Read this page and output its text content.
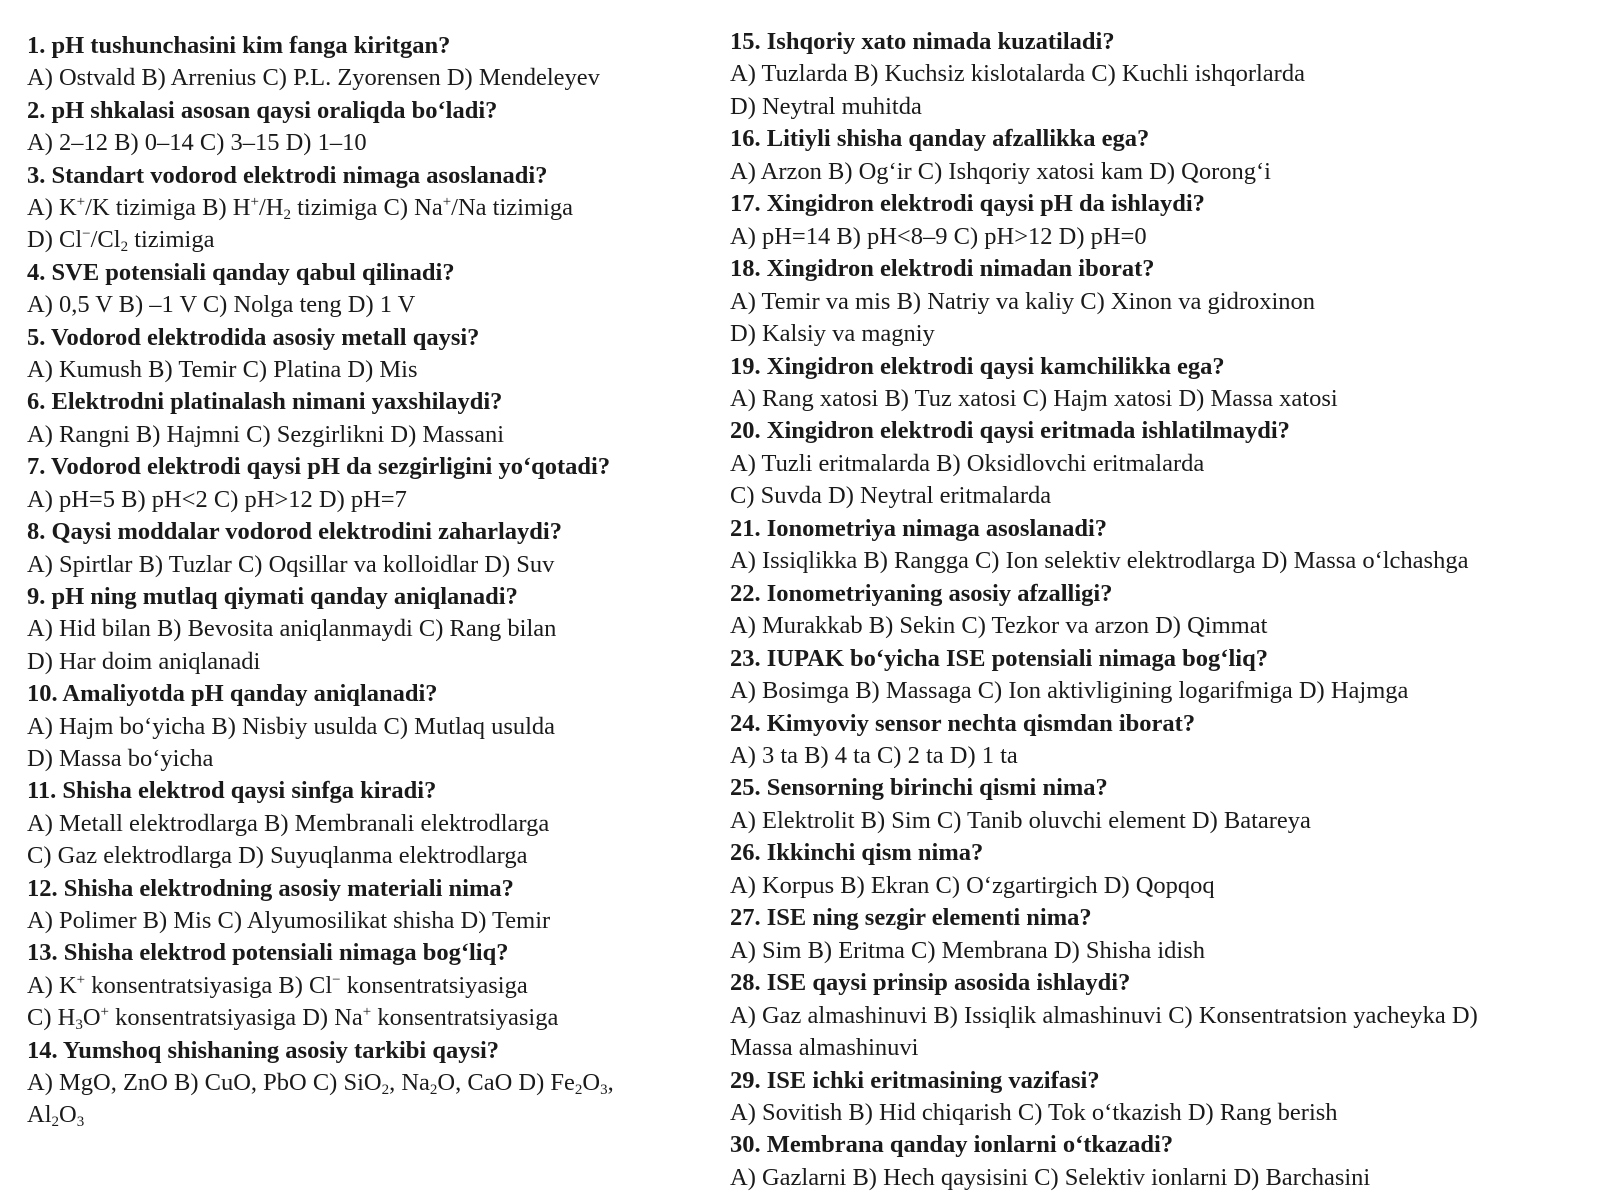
1. pH tushunchasini kim fanga kiritgan?
A) Ostvald B) Arrenius C) P.L. Zyorensen D) Mendeleyev
2. pH shkalasi asosan qaysi oraliqda bo‘ladi?
A) 2–12 B) 0–14 C) 3–15 D) 1–10
3. Standart vodorod elektrodi nimaga asoslanadi?
A) K+/K tizimiga B) $H^+/H_2$ tizimiga C) Na+/Na tizimiga
D) $Cl^-/Cl_2$ tizimiga
4. SVE potensiali qanday qabul qilinadi?
A) 0,5 V B) –1 V C) Nolga teng D) 1 V
5. Vodorod elektrodida asosiy metall qaysi?
A) Kumush B) Temir C) Platina D) Mis
6. Elektrodni platinalash nimani yaxshilaydi?
A) Rangni B) Hajmni C) Sezgirlikni D) Massani
7. Vodorod elektrodi qaysi pH da sezgirligini yo‘qotadi?
A) pH=5 B) pH<2 C) pH>12 D) pH=7
8. Qaysi moddalar vodorod elektrodini zaharlaydi?
A) Spirtlar B) Tuzlar C) Oqsillar va kolloidlar D) Suv
9. pH ning mutlaq qiymati qanday aniqlanadi?
A) Hid bilan B) Bevosita aniqlanmaydi C) Rang bilan
D) Har doim aniqlanadi
10. Amaliyotda pH qanday aniqlanadi?
A) Hajm bo‘yicha B) Nisbiy usulda C) Mutlaq usulda
D) Massa bo‘yicha
11. Shisha elektrod qaysi sinfga kiradi?
A) Metall elektrodlarga B) Membranali elektrodlarga
C) Gaz elektrodlarga D) Suyuqlanma elektrodlarga
12. Shisha elektrodning asosiy materiali nima?
A) Polimer B) Mis C) Alyumosilikat shisha D) Temir
13. Shisha elektrod potensiali nimaga bog‘liq?
A) K+ konsentratsiyasiga B) Cl− konsentratsiyasiga
C) $H_3O^+$ konsentratsiyasiga D) Na+ konsentratsiyasiga
14. Yumshoq shishaning asosiy tarkibi qaysi?
A) MgO, ZnO B) CuO, PbO C) SiO$_2$, $Na_2O$, CaO D) $Fe_2O_3$,
$Al_2O_3$
15. Ishqoriy xato nimada kuzatiladi?
A) Tuzlarda B) Kuchsiz kislotalarda C) Kuchli ishqorlarda
D) Neytral muhitda
16. Litiyli shisha qanday afzallikka ega?
A) Arzon B) Og‘ir C) Ishqoriy xatosi kam D) Qorong‘i
17. Xingidron elektrodi qaysi pH da ishlaydi?
A) pH=14 B) pH<8–9 C) pH>12 D) pH=0
18. Xingidron elektrodi nimadan iborat?
A) Temir va mis B) Natriy va kaliy C) Xinon va gidroxinon
D) Kalsiy va magniy
19. Xingidron elektrodi qaysi kamchilikka ega?
A) Rang xatosi B) Tuz xatosi C) Hajm xatosi D) Massa xatosi
20. Xingidron elektrodi qaysi eritmada ishlatilmaydi?
A) Tuzli eritmalarda B) Oksidlovchi eritmalarda
C) Suvda D) Neytral eritmalarda
21. Ionometriya nimaga asoslanadi?
A) Issiqlikka B) Rangga C) Ion selektiv elektrodlarga D) Massa o‘lchashga
22. Ionometriyaning asosiy afzalligi?
A) Murakkab B) Sekin C) Tezkor va arzon D) Qimmat
23. IUPAK bo‘yicha ISE potensiali nimaga bog‘liq?
A) Bosimga B) Massaga C) Ion aktivligining logarifmiga D) Hajmga
24. Kimyoviy sensor nechta qismdan iborat?
A) 3 ta B) 4 ta C) 2 ta D) 1 ta
25. Sensorning birinchi qismi nima?
A) Elektrolit B) Sim C) Tanib oluvchi element D) Batareya
26. Ikkinchi qism nima?
A) Korpus B) Ekran C) O‘zgartirgich D) Qopqoq
27. ISE ning sezgir elementi nima?
A) Sim B) Eritma C) Membrana D) Shisha idish
28. ISE qaysi prinsip asosida ishlaydi?
A) Gaz almashinuvi B) Issiqlik almashinuvi C) Konsentratsion yacheyka D)
Massa almashinuvi
29. ISE ichki eritmasining vazifasi?
A) Sovitish B) Hid chiqarish C) Tok o‘tkazish D) Rang berish
30. Membrana qanday ionlarni o‘tkazadi?
A) Gazlarni B) Hech qaysisini C) Selektiv ionlarni D) Barchasini
